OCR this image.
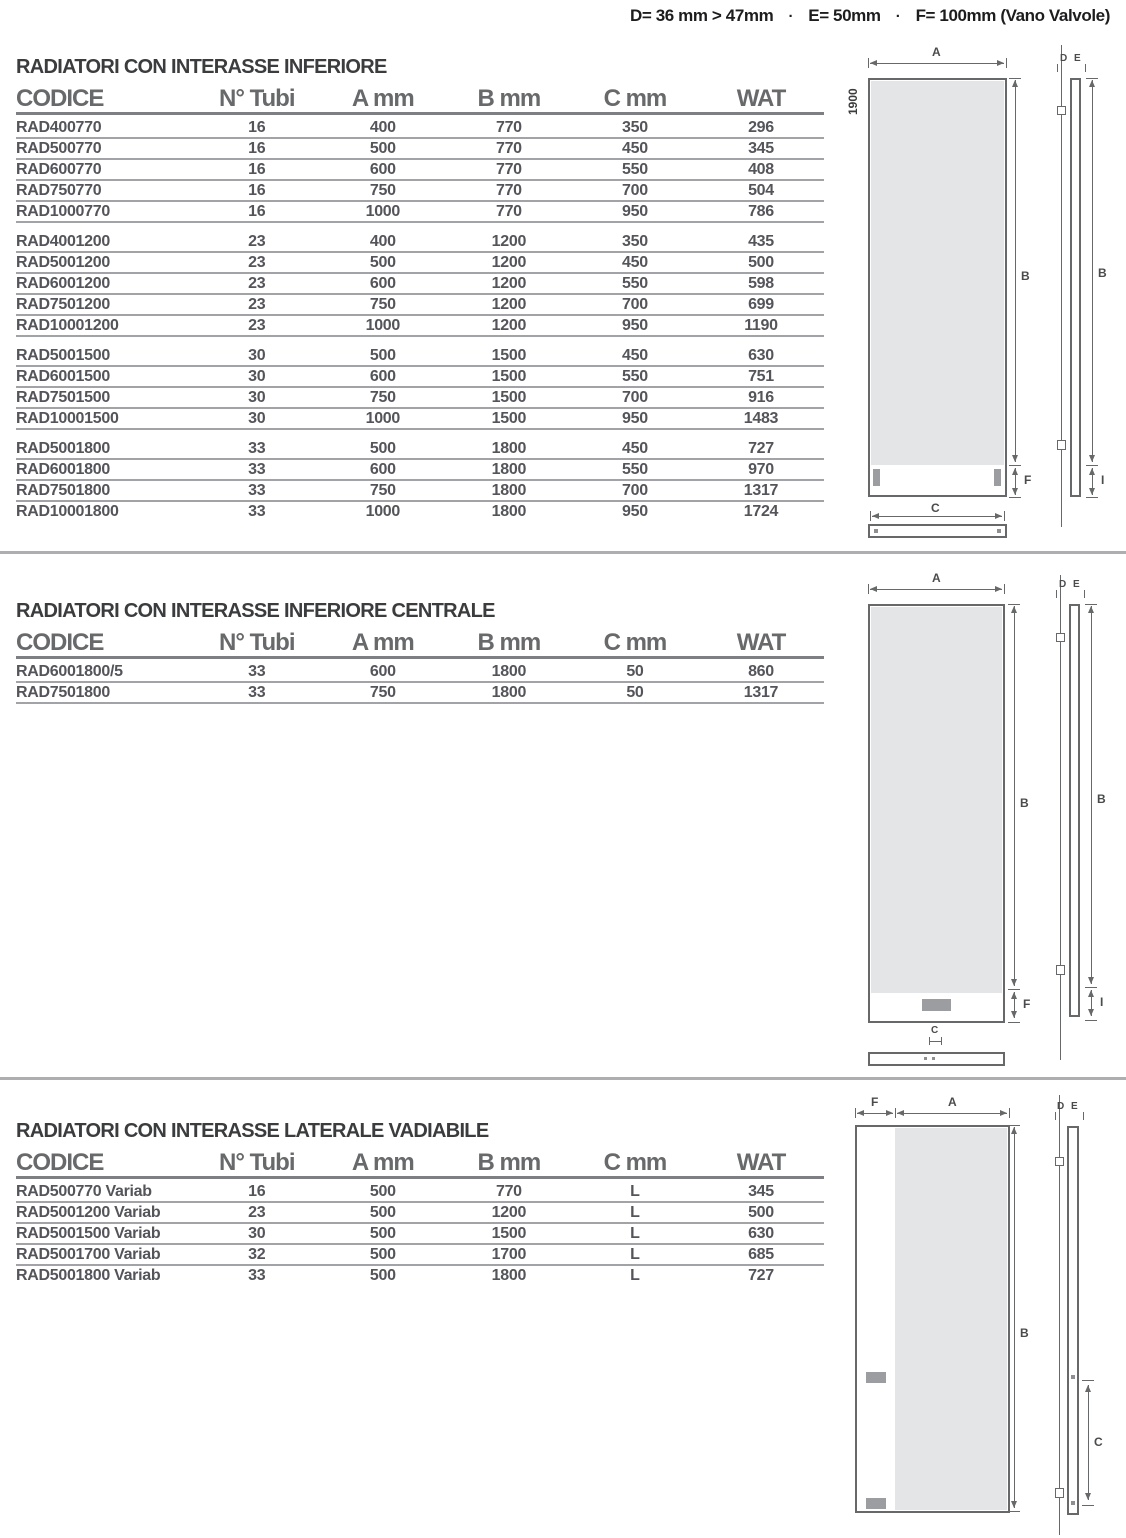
D= 36 mm > 47mm · E= 50mm · F= 100mm (Vano Valvole)
RADIATORI CON INTERASSE INFERIORE
CODICE	N° Tubi	A mm	B mm	C mm	WAT
RAD400770	16	400	770	350	296
RAD500770	16	500	770	450	345
RAD600770	16	600	770	550	408
RAD750770	16	750	770	700	504
RAD1000770	16	1000	770	950	786
RAD4001200	23	400	1200	350	435
RAD5001200	23	500	1200	450	500
RAD6001200	23	600	1200	550	598
RAD7501200	23	750	1200	700	699
RAD10001200	23	1000	1200	950	1190
RAD5001500	30	500	1500	450	630
RAD6001500	30	600	1500	550	751
RAD7501500	30	750	1500	700	916
RAD10001500	30	1000	1500	950	1483
RAD5001800	33	500	1800	450	727
RAD6001800	33	600	1800	550	970
RAD7501800	33	750	1800	700	1317
RAD10001800	33	1000	1800	950	1724
RADIATORI CON INTERASSE INFERIORE CENTRALE
CODICE	N° Tubi	A mm	B mm	C mm	WAT
RAD6001800/5	33	600	1800	50	860
RAD7501800	33	750	1800	50	1317
RADIATORI CON INTERASSE LATERALE VADIABILE
CODICE	N° Tubi	A mm	B mm	C mm	WAT
RAD500770 Variab	16	500	770	L	345
RAD5001200 Variab	23	500	1200	L	500
RAD5001500 Variab	30	500	1500	L	630
RAD5001700 Variab	32	500	1700	L	685
RAD5001800 Variab	33	500	1800	L	727
1900
A
B
F
C
D E
B
I
A
B
F
C
D E
B
I
F	A
B
D E
C
